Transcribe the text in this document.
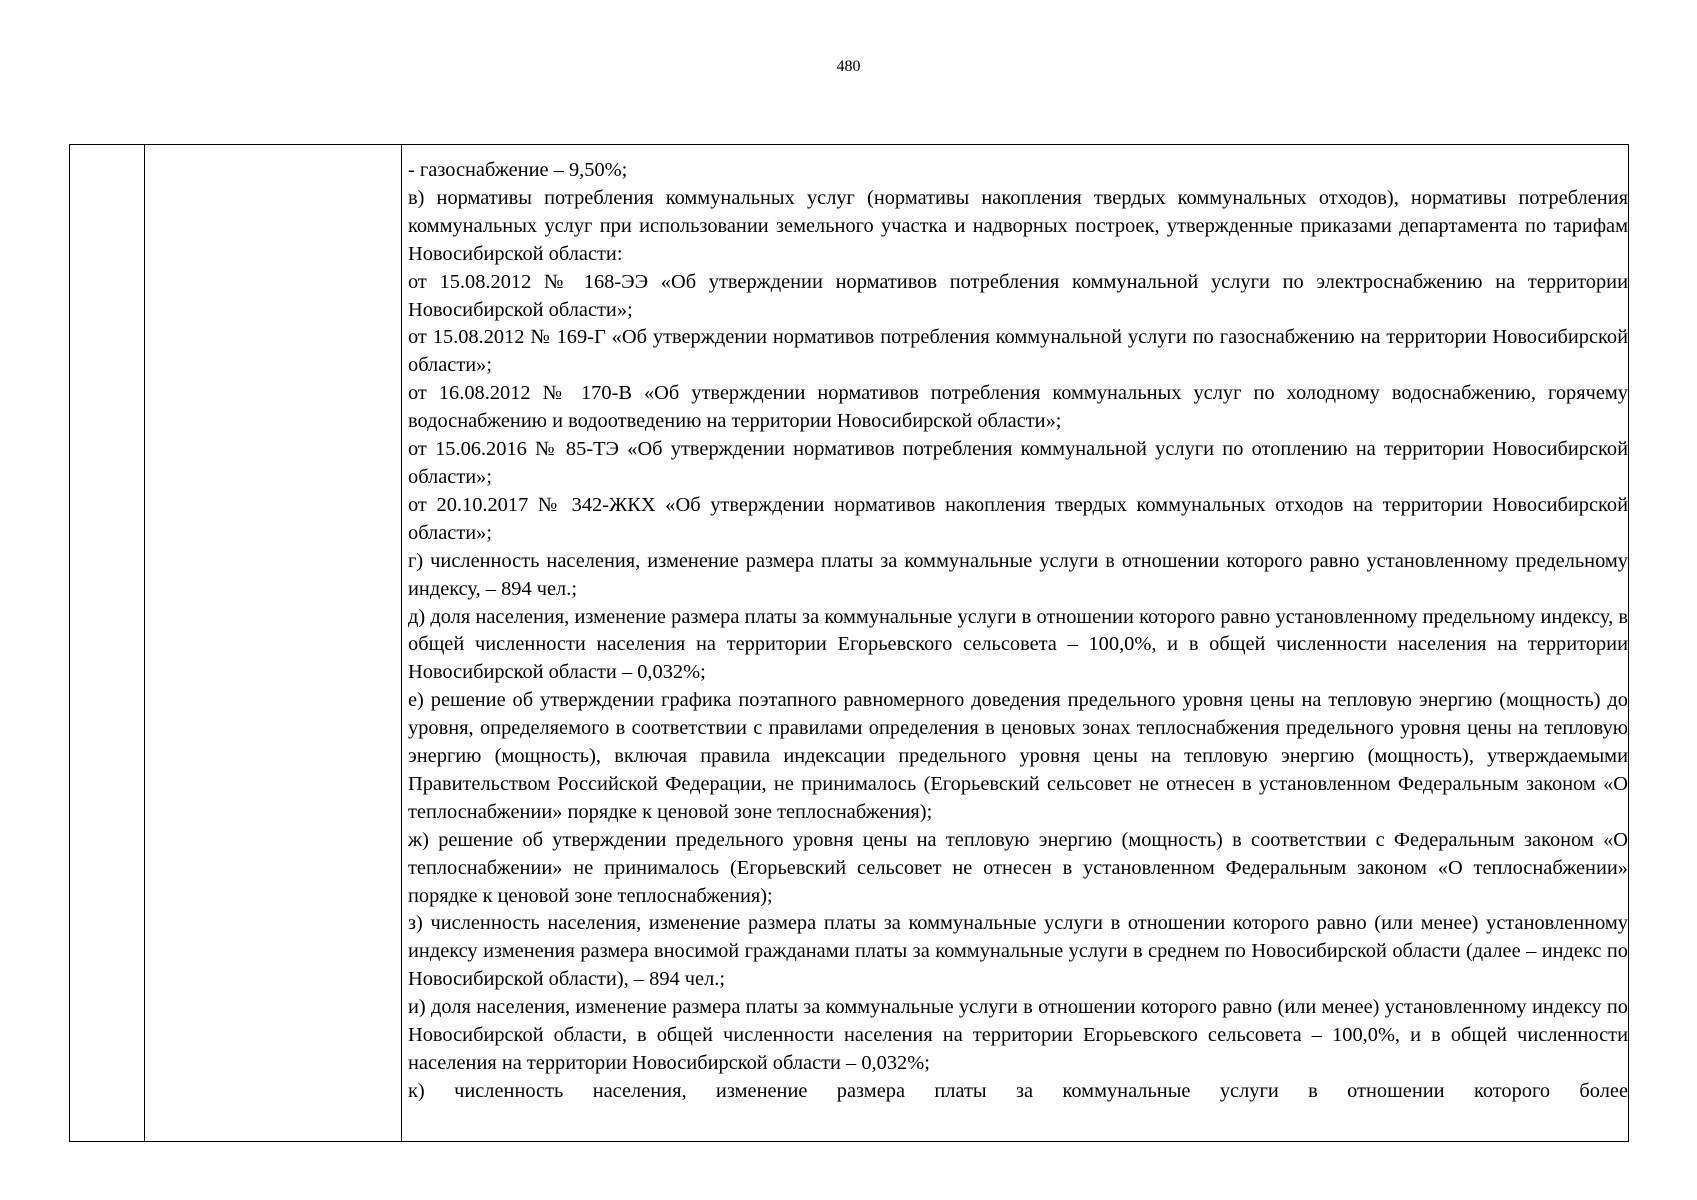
480

- газоснабжение – 9,50%;

в) нормативы потребления коммунальных услуг (нормативы накопления твердых коммунальных отходов), нормативы потребления коммунальных услуг при использовании земельного участка и надворных построек, утвержденные приказами департамента по тарифам Новосибирской области:

от 15.08.2012 № 168-ЭЭ «Об утверждении нормативов потребления коммунальной услуги по электроснабжению на территории Новосибирской области»;

от 15.08.2012 № 169-Г «Об утверждении нормативов потребления коммунальной услуги по газоснабжению на территории Новосибирской области»;

от 16.08.2012 № 170-В «Об утверждении нормативов потребления коммунальных услуг по холодному водоснабжению, горячему водоснабжению и водоотведению на территории Новосибирской области»;

от 15.06.2016 № 85-ТЭ «Об утверждении нормативов потребления коммунальной услуги по отоплению на территории Новосибирской области»;

от 20.10.2017 № 342-ЖКХ «Об утверждении нормативов накопления твердых коммунальных отходов на территории Новосибирской области»;

г) численность населения, изменение размера платы за коммунальные услуги в отношении которого равно установленному предельному индексу, – 894 чел.;

д) доля населения, изменение размера платы за коммунальные услуги в отношении которого равно установленному предельному индексу, в общей численности населения на территории Егорьевского сельсовета – 100,0%, и в общей численности населения на территории Новосибирской области – 0,032%;

е) решение об утверждении графика поэтапного равномерного доведения предельного уровня цены на тепловую энергию (мощность) до уровня, определяемого в соответствии с правилами определения в ценовых зонах теплоснабжения предельного уровня цены на тепловую энергию (мощность), включая правила индексации предельного уровня цены на тепловую энергию (мощность), утверждаемыми Правительством Российской Федерации, не принималось (Егорьевский сельсовет не отнесен в установленном Федеральным законом «О теплоснабжении» порядке к ценовой зоне теплоснабжения);

ж) решение об утверждении предельного уровня цены на тепловую энергию (мощность) в соответствии с Федеральным законом «О теплоснабжении» не принималось (Егорьевский сельсовет не отнесен в установленном Федеральным законом «О теплоснабжении» порядке к ценовой зоне теплоснабжения);

з) численность населения, изменение размера платы за коммунальные услуги в отношении которого равно (или менее) установленному индексу изменения размера вносимой гражданами платы за коммунальные услуги в среднем по Новосибирской области (далее – индекс по Новосибирской области), – 894 чел.;

и) доля населения, изменение размера платы за коммунальные услуги в отношении которого равно (или менее) установленному индексу по Новосибирской области, в общей численности населения на территории Егорьевского сельсовета – 100,0%, и в общей численности населения на территории Новосибирской области – 0,032%;

к) численность населения, изменение размера платы за коммунальные услуги в отношении которого более
